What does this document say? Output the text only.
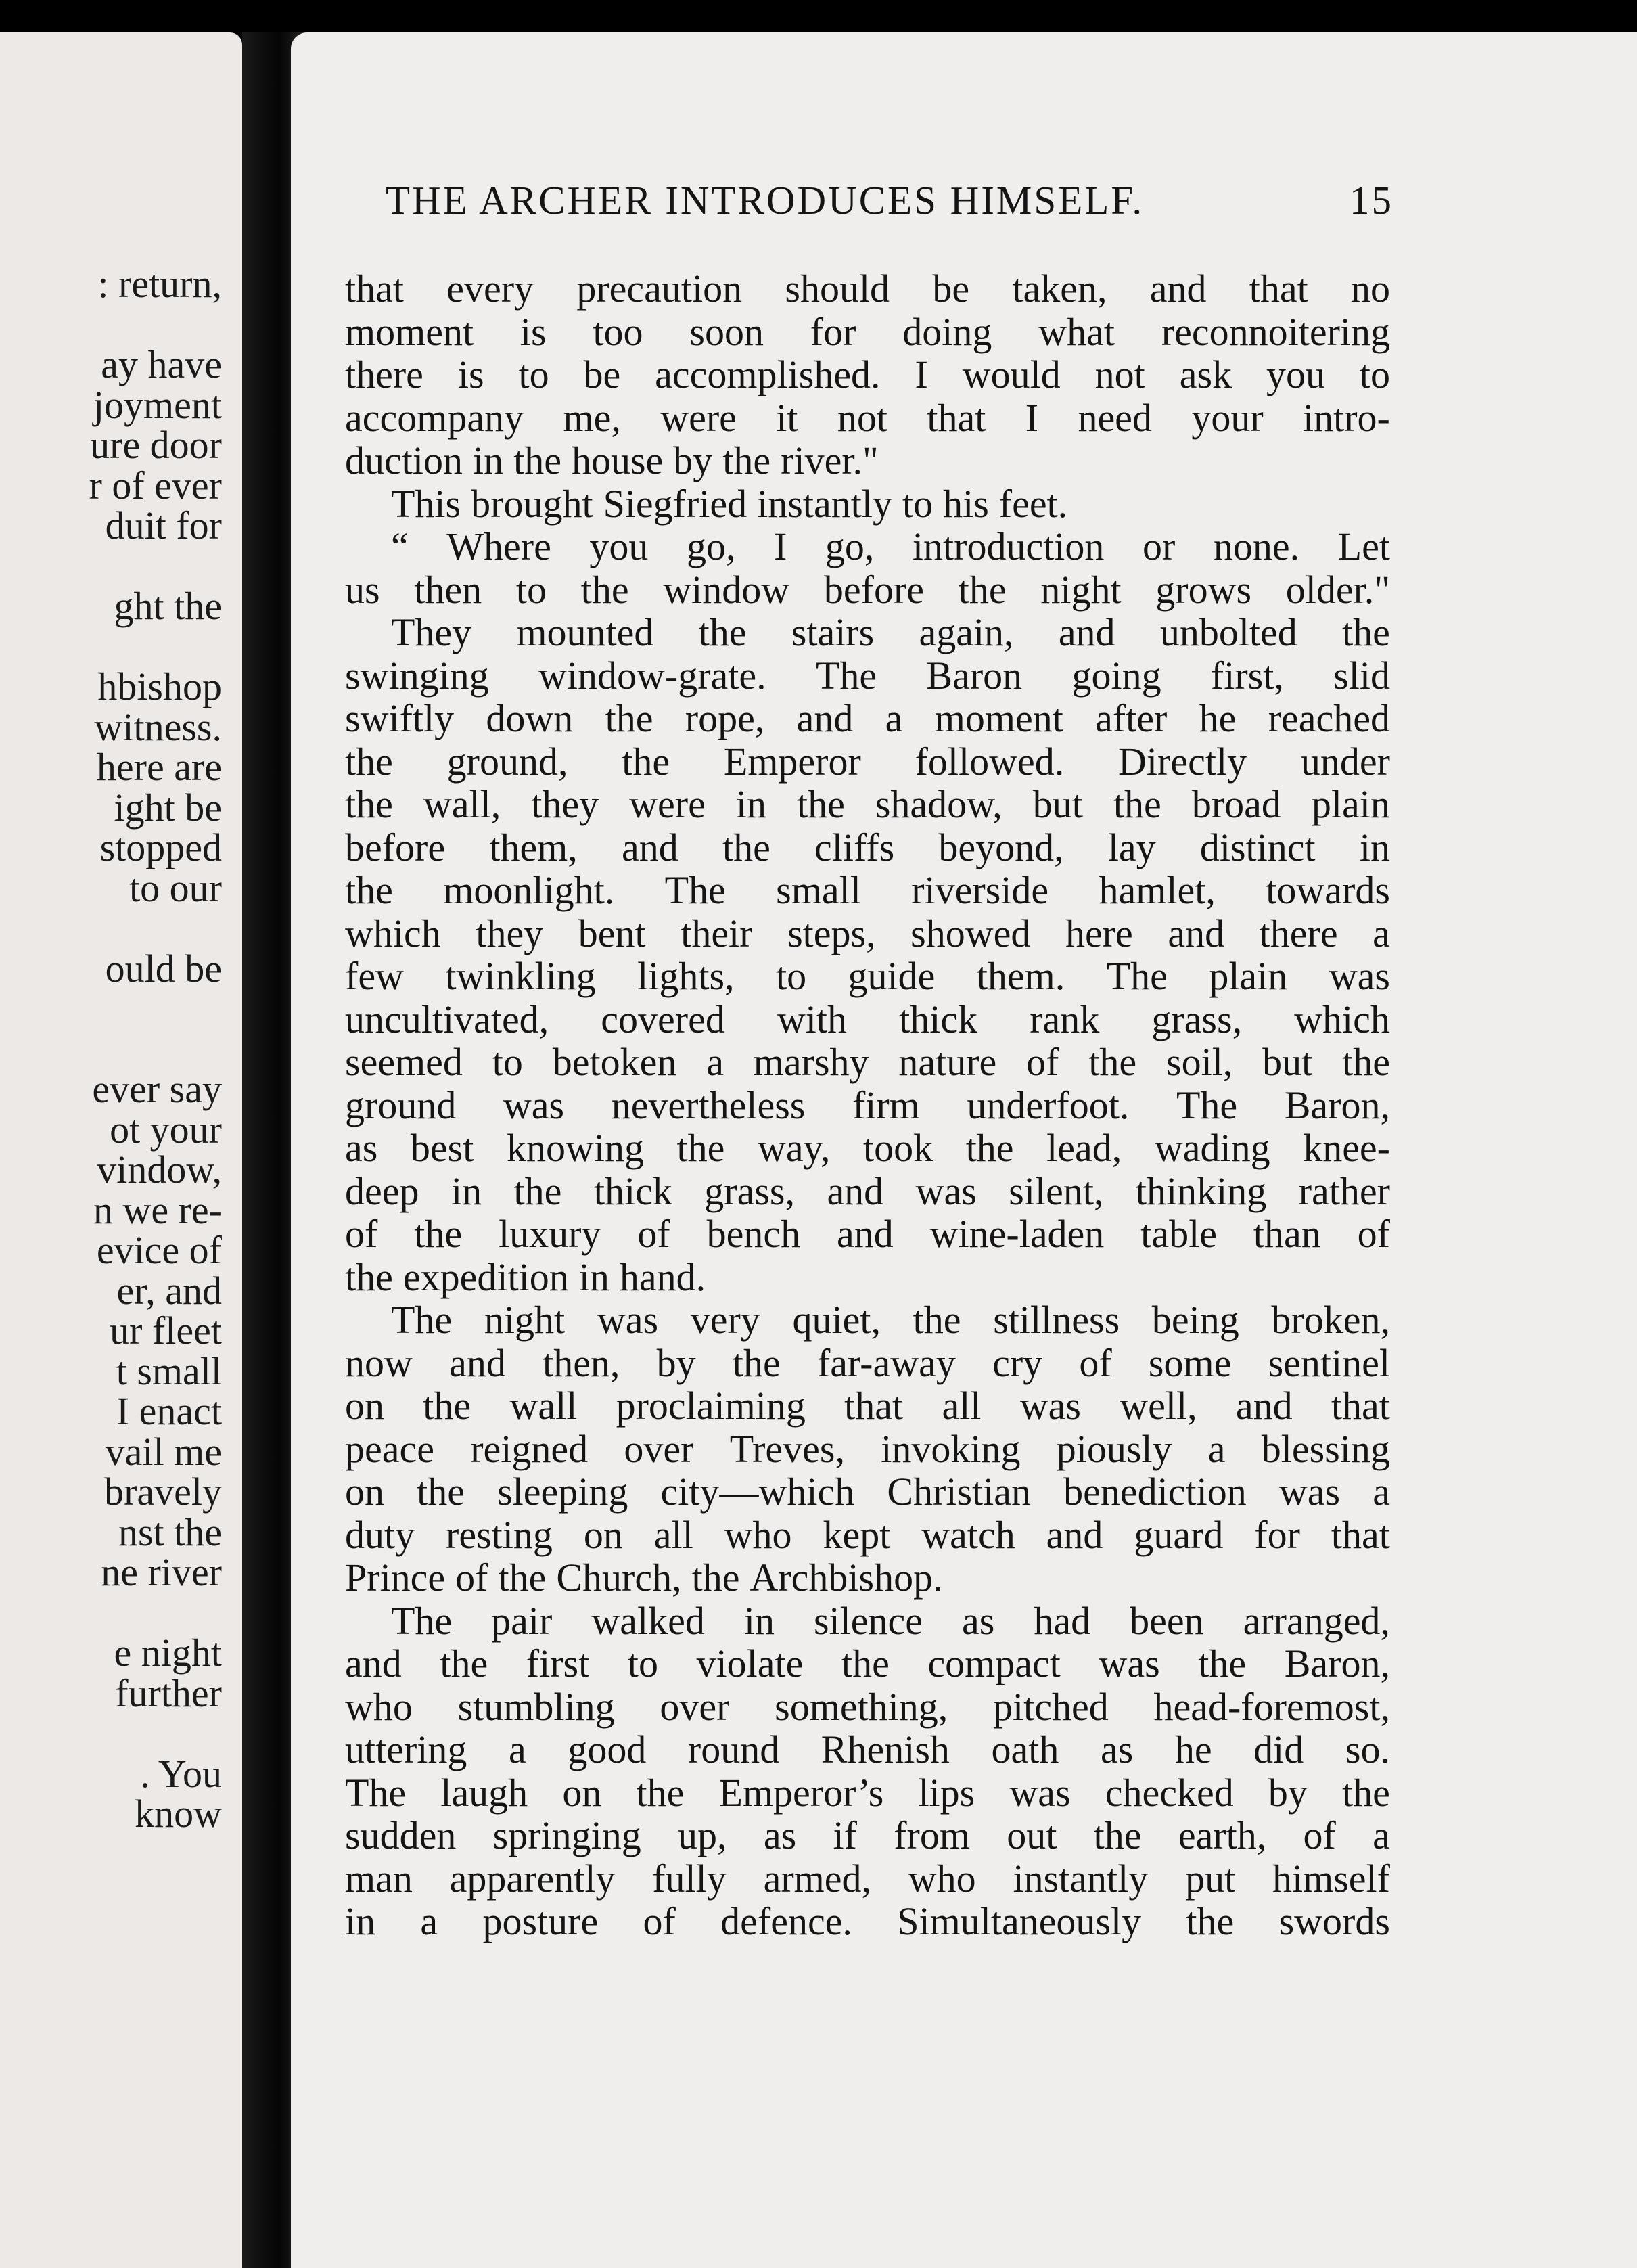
: return,
ay have
joyment
ure door
r of ever
duit for
ght the
hbishop
witness.
here are
ight be
stopped
to our
ould be
ever say
ot your
vindow,
n we re-
evice of
er, and
ur fleet
t small
I enact
vail me
bravely
nst the
ne river
e night
further
. You
know
THE ARCHER INTRODUCES HIMSELF.	15
that every precaution should be taken, and that no
moment is too soon for doing what reconnoitering
there is to be accomplished. I would not ask you to
accompany me, were it not that I need your intro-
duction in the house by the river."
This brought Siegfried instantly to his feet.
“ Where you go, I go, introduction or none. Let
us then to the window before the night grows older."
They mounted the stairs again, and unbolted the
swinging window-grate. The Baron going first, slid
swiftly down the rope, and a moment after he reached
the ground, the Emperor followed. Directly under
the wall, they were in the shadow, but the broad plain
before them, and the cliffs beyond, lay distinct in
the moonlight. The small riverside hamlet, towards
which they bent their steps, showed here and there a
few twinkling lights, to guide them. The plain was
uncultivated, covered with thick rank grass, which
seemed to betoken a marshy nature of the soil, but the
ground was nevertheless firm underfoot. The Baron,
as best knowing the way, took the lead, wading knee-
deep in the thick grass, and was silent, thinking rather
of the luxury of bench and wine-laden table than of
the expedition in hand.
The night was very quiet, the stillness being broken,
now and then, by the far-away cry of some sentinel
on the wall proclaiming that all was well, and that
peace reigned over Treves, invoking piously a blessing
on the sleeping city—which Christian benediction was a
duty resting on all who kept watch and guard for that
Prince of the Church, the Archbishop.
The pair walked in silence as had been arranged,
and the first to violate the compact was the Baron,
who stumbling over something, pitched head-foremost,
uttering a good round Rhenish oath as he did so.
The laugh on the Emperor’s lips was checked by the
sudden springing up, as if from out the earth, of a
man apparently fully armed, who instantly put himself
in a posture of defence. Simultaneously the swords
